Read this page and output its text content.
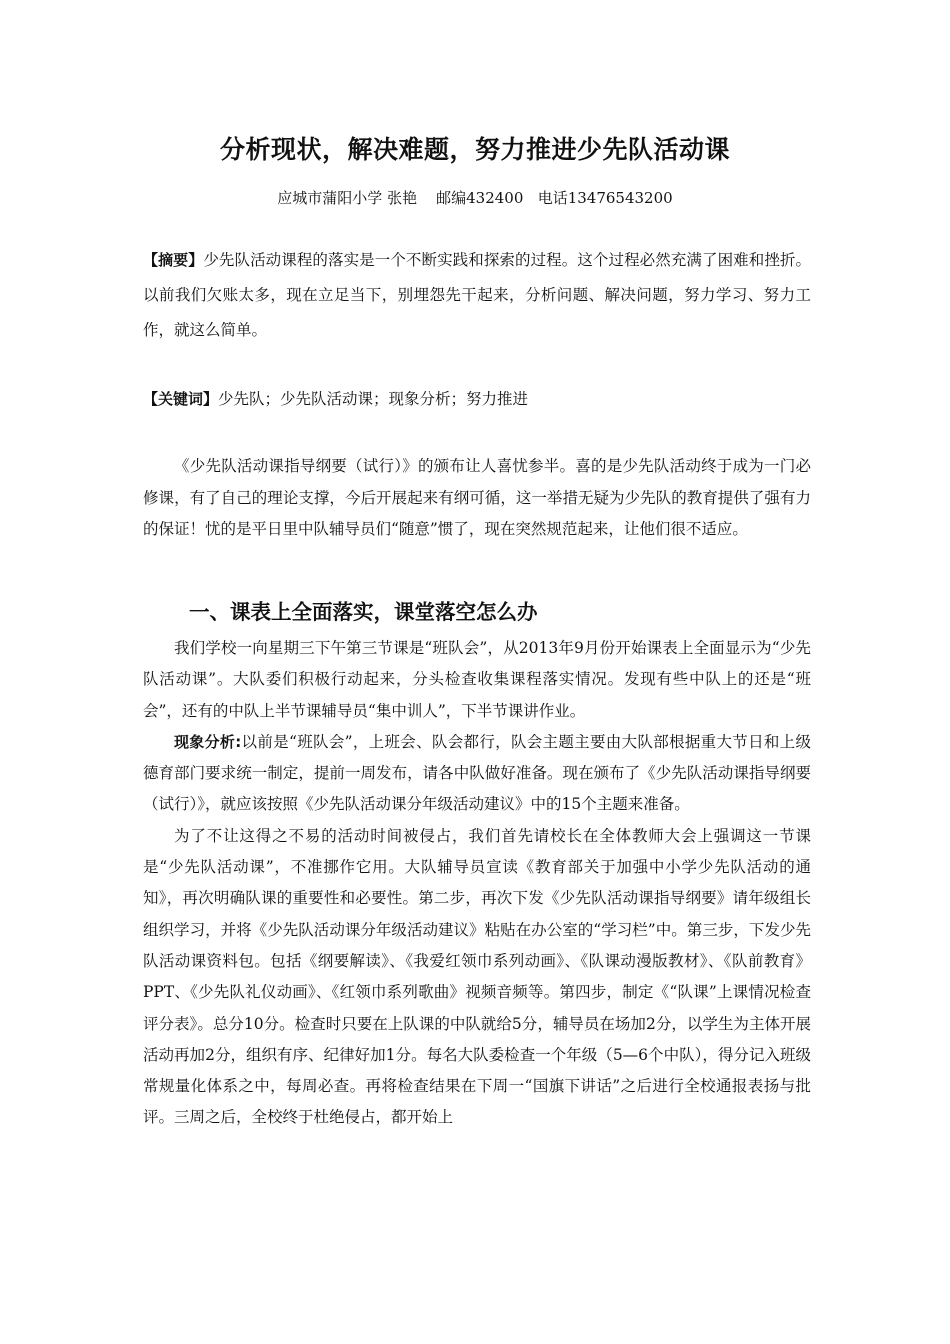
分析现状，解决难题，努力推进少先队活动课
应城市蒲阳小学 张艳    邮编432400   电话13476543200
【摘要】少先队活动课程的落实是一个不断实践和探索的过程。这个过程必然充满了困难和挫折。以前我们欠账太多，现在立足当下，别埋怨先干起来，分析问题、解决问题，努力学习、努力工作，就这么简单。
【关键词】少先队；少先队活动课；现象分析；努力推进
《少先队活动课指导纲要（试行）》的颁布让人喜忧参半。喜的是少先队活动终于成为一门必修课，有了自己的理论支撑，今后开展起来有纲可循，这一举措无疑为少先队的教育提供了强有力的保证！忧的是平日里中队辅导员们“随意”惯了，现在突然规范起来，让他们很不适应。
一、课表上全面落实，课堂落空怎么办

我们学校一向星期三下午第三节课是“班队会”，从2013年9月份开始课表上全面显示为“少先队活动课”。大队委们积极行动起来，分头检查收集课程落实情况。发现有些中队上的还是“班会”，还有的中队上半节课辅导员“集中训人”，下半节课讲作业。

现象分析:以前是“班队会”，上班会、队会都行，队会主题主要由大队部根据重大节日和上级德育部门要求统一制定，提前一周发布，请各中队做好准备。现在颁布了《少先队活动课指导纲要（试行）》，就应该按照《少先队活动课分年级活动建议》中的15个主题来准备。

为了不让这得之不易的活动时间被侵占，我们首先请校长在全体教师大会上强调这一节课是“少先队活动课”，不准挪作它用。大队辅导员宣读《教育部关于加强中小学少先队活动的通知》，再次明确队课的重要性和必要性。第二步，再次下发《少先队活动课指导纲要》请年级组长组织学习，并将《少先队活动课分年级活动建议》粘贴在办公室的“学习栏”中。第三步，下发少先队活动课资料包。包括《纲要解读》、《我爱红领巾系列动画》、《队课动漫版教材》、《队前教育》PPT、《少先队礼仪动画》、《红领巾系列歌曲》视频音频等。第四步，制定《“队课”上课情况检查评分表》。总分10分。检查时只要在上队课的中队就给5分，辅导员在场加2分，以学生为主体开展活动再加2分，组织有序、纪律好加1分。每名大队委检查一个年级（5—6个中队），得分记入班级常规量化体系之中，每周必查。再将检查结果在下周一“国旗下讲话”之后进行全校通报表扬与批评。三周之后，全校终于杜绝侵占，都开始上
